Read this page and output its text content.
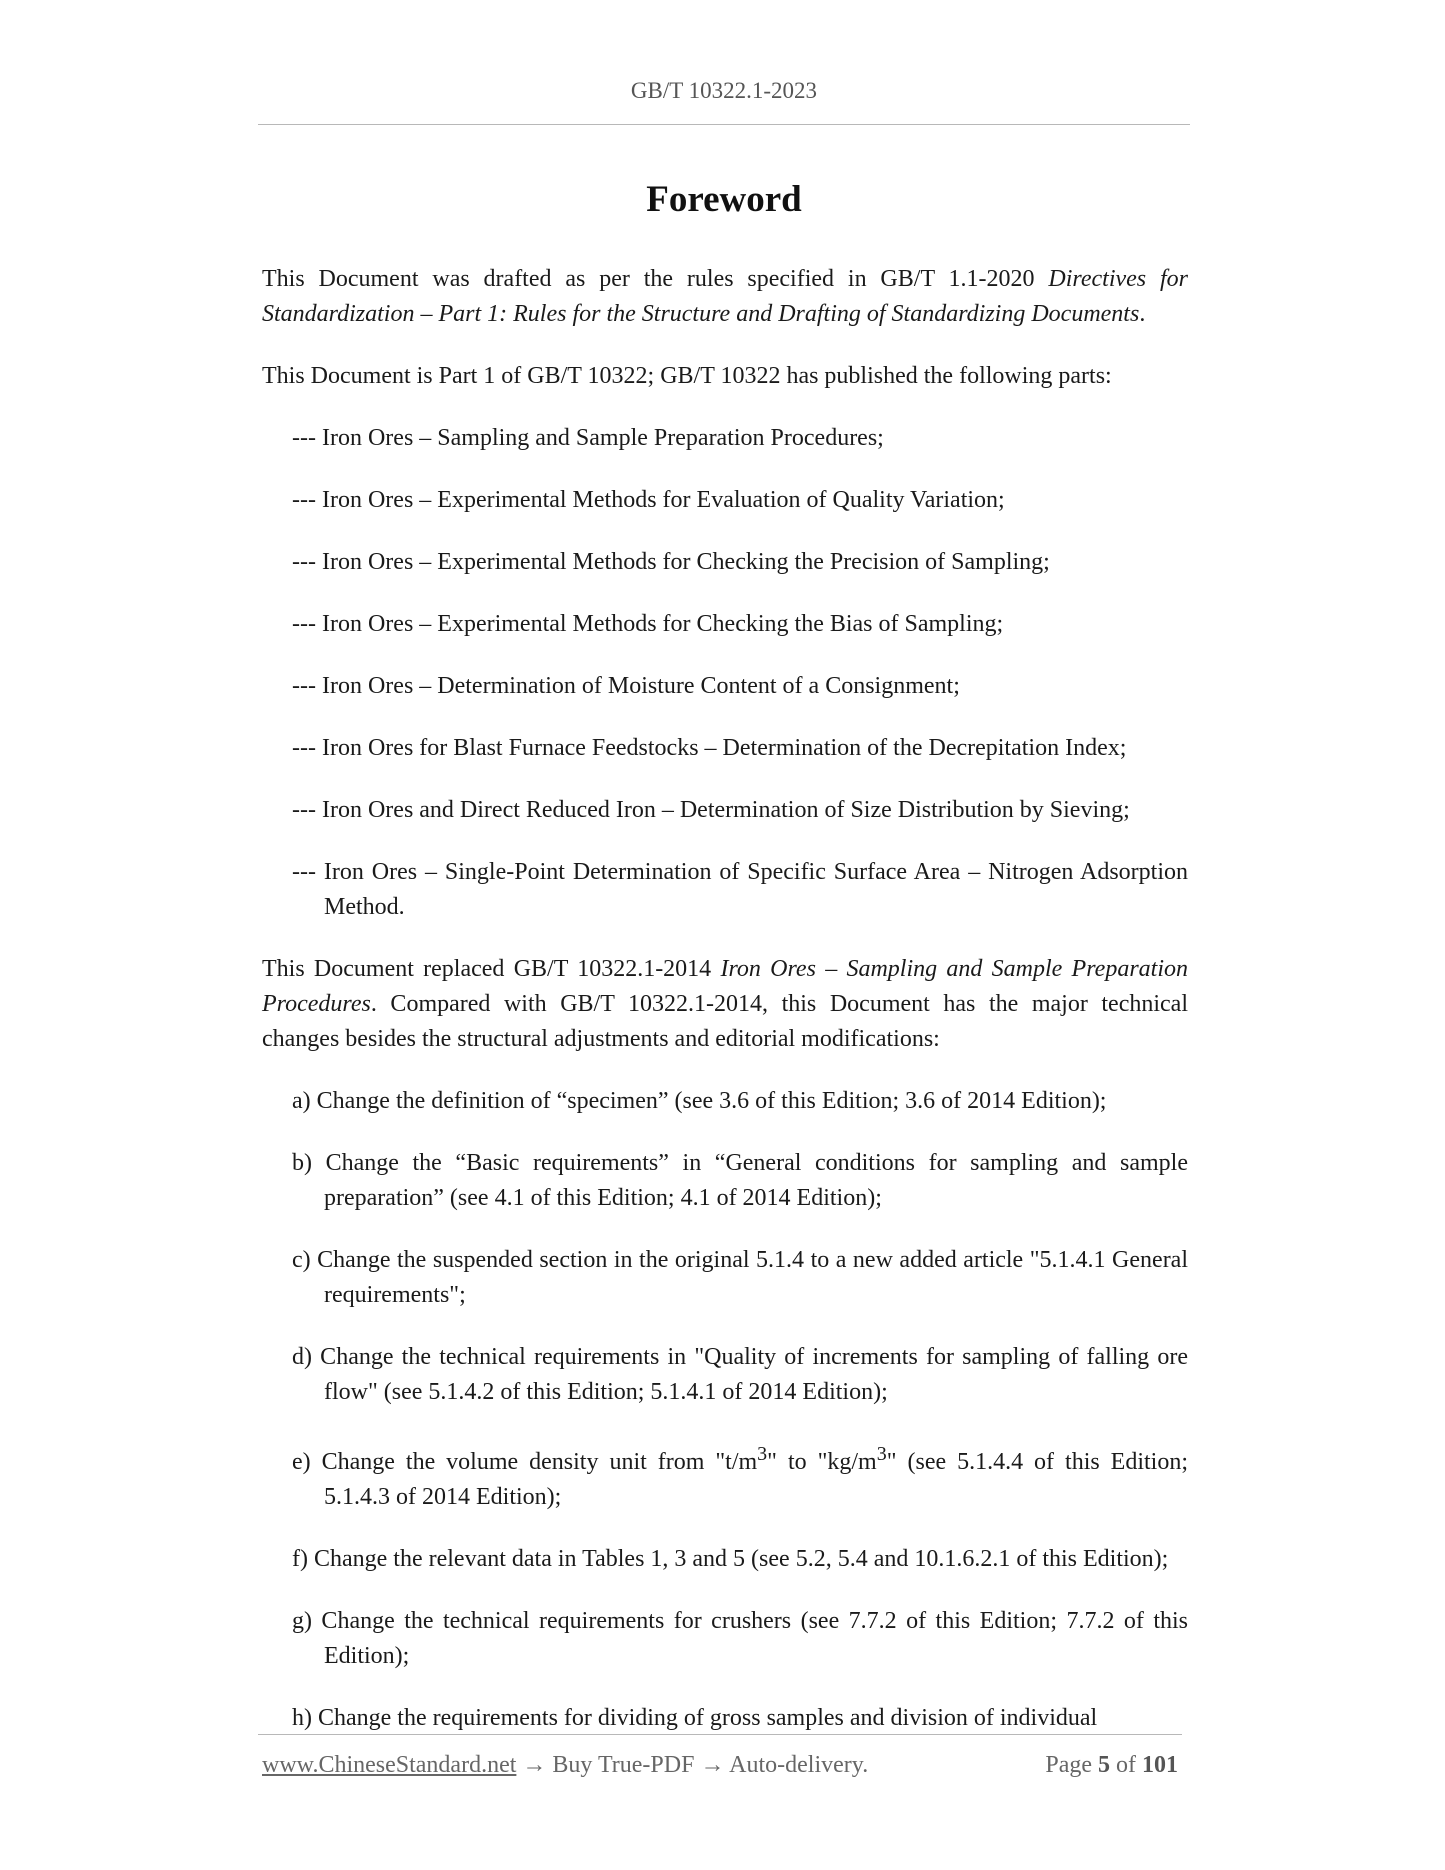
GB/T 10322.1-2023
Foreword

This Document was drafted as per the rules specified in GB/T 1.1-2020 Directives for Standardization – Part 1: Rules for the Structure and Drafting of Standardizing Documents.

This Document is Part 1 of GB/T 10322; GB/T 10322 has published the following parts:

--- Iron Ores – Sampling and Sample Preparation Procedures;

--- Iron Ores – Experimental Methods for Evaluation of Quality Variation;

--- Iron Ores – Experimental Methods for Checking the Precision of Sampling;

--- Iron Ores – Experimental Methods for Checking the Bias of Sampling;

--- Iron Ores – Determination of Moisture Content of a Consignment;

--- Iron Ores for Blast Furnace Feedstocks – Determination of the Decrepitation Index;

--- Iron Ores and Direct Reduced Iron – Determination of Size Distribution by Sieving;

--- Iron Ores – Single-Point Determination of Specific Surface Area – Nitrogen Adsorption Method.

This Document replaced GB/T 10322.1-2014 Iron Ores – Sampling and Sample Preparation Procedures. Compared with GB/T 10322.1-2014, this Document has the major technical changes besides the structural adjustments and editorial modifications:

a) Change the definition of “specimen” (see 3.6 of this Edition; 3.6 of 2014 Edition);

b) Change the “Basic requirements” in “General conditions for sampling and sample preparation” (see 4.1 of this Edition; 4.1 of 2014 Edition);

c) Change the suspended section in the original 5.1.4 to a new added article "5.1.4.1 General requirements";

d) Change the technical requirements in "Quality of increments for sampling of falling ore flow" (see 5.1.4.2 of this Edition; 5.1.4.1 of 2014 Edition);

e) Change the volume density unit from "$t/m^3$" to "$kg/m^3$" (see 5.1.4.4 of this Edition; 5.1.4.3 of 2014 Edition);

f) Change the relevant data in Tables 1, 3 and 5 (see 5.2, 5.4 and 10.1.6.2.1 of this Edition);

g) Change the technical requirements for crushers (see 7.7.2 of this Edition; 7.7.2 of this Edition);

h) Change the requirements for dividing of gross samples and division of individual

www.ChineseStandard.net → Buy True-PDF → Auto-delivery.	Page 5 of 101
